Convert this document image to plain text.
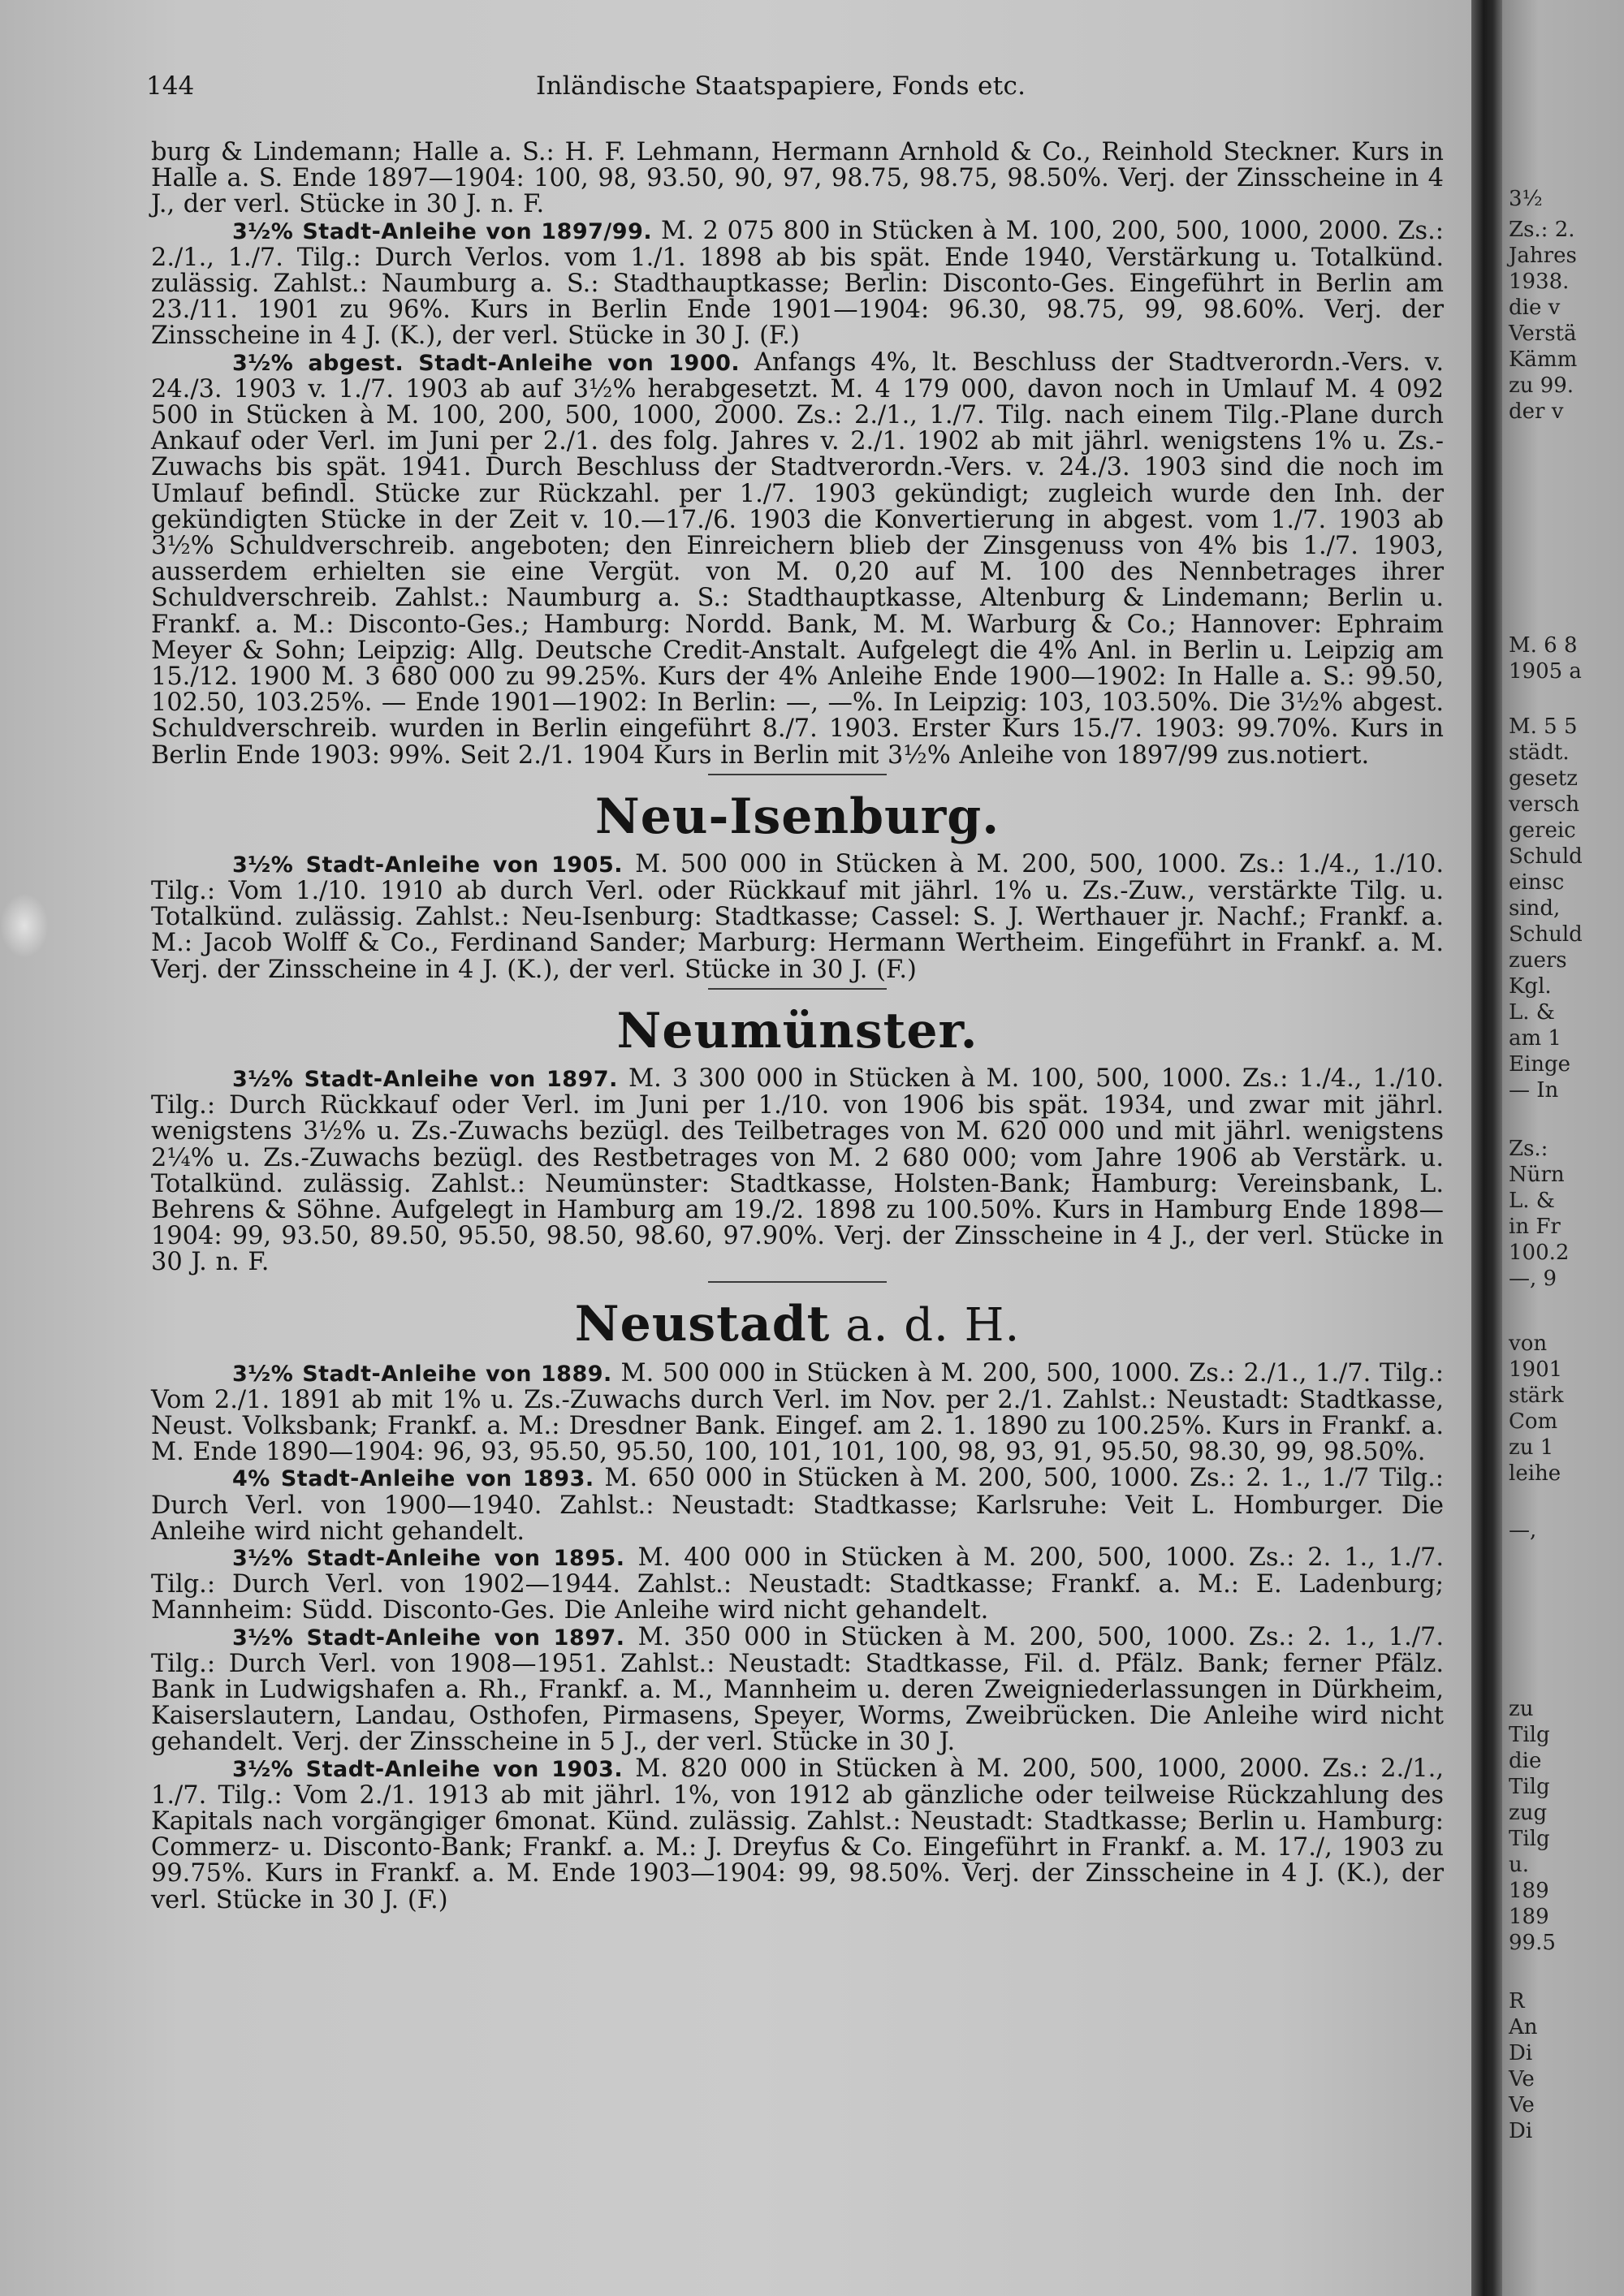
144	Inländische Staatspapiere, Fonds etc.

burg & Lindemann; Halle a. S.: H. F. Lehmann, Hermann Arnhold & Co., Reinhold Steckner. Kurs in Halle a. S. Ende 1897—1904: 100, 98, 93.50, 90, 97, 98.75, 98.75, 98.50%. Verj. der Zinsscheine in 4 J., der verl. Stücke in 30 J. n. F.

3½% Stadt-Anleihe von 1897/99. M. 2 075 800 in Stücken à M. 100, 200, 500, 1000, 2000. Zs.: 2./1., 1./7. Tilg.: Durch Verlos. vom 1./1. 1898 ab bis spät. Ende 1940, Verstärkung u. Totalkünd. zulässig. Zahlst.: Naumburg a. S.: Stadthauptkasse; Berlin: Disconto-Ges. Eingeführt in Berlin am 23./11. 1901 zu 96%. Kurs in Berlin Ende 1901—1904: 96.30, 98.75, 99, 98.60%. Verj. der Zinsscheine in 4 J. (K.), der verl. Stücke in 30 J. (F.)

3½% abgest. Stadt-Anleihe von 1900. Anfangs 4%, lt. Beschluss der Stadtverordn.-Vers. v. 24./3. 1903 v. 1./7. 1903 ab auf 3½% herabgesetzt. M. 4 179 000, davon noch in Umlauf M. 4 092 500 in Stücken à M. 100, 200, 500, 1000, 2000. Zs.: 2./1., 1./7. Tilg. nach einem Tilg.-Plane durch Ankauf oder Verl. im Juni per 2./1. des folg. Jahres v. 2./1. 1902 ab mit jährl. wenigstens 1% u. Zs.-Zuwachs bis spät. 1941. Durch Beschluss der Stadtverordn.-Vers. v. 24./3. 1903 sind die noch im Umlauf befindl. Stücke zur Rückzahl. per 1./7. 1903 gekündigt; zugleich wurde den Inh. der gekündigten Stücke in der Zeit v. 10.—17./6. 1903 die Konvertierung in abgest. vom 1./7. 1903 ab 3½% Schuldverschreib. angeboten; den Einreichern blieb der Zinsgenuss von 4% bis 1./7. 1903, ausserdem erhielten sie eine Vergüt. von M. 0,20 auf M. 100 des Nennbetrages ihrer Schuldverschreib. Zahlst.: Naumburg a. S.: Stadthauptkasse, Altenburg & Lindemann; Berlin u. Frankf. a. M.: Disconto-Ges.; Hamburg: Nordd. Bank, M. M. Warburg & Co.; Hannover: Ephraim Meyer & Sohn; Leipzig: Allg. Deutsche Credit-Anstalt. Aufgelegt die 4% Anl. in Berlin u. Leipzig am 15./12. 1900 M. 3 680 000 zu 99.25%. Kurs der 4% Anleihe Ende 1900—1902: In Halle a. S.: 99.50, 102.50, 103.25%. — Ende 1901—1902: In Berlin: —, —%. In Leipzig: 103, 103.50%. Die 3½% abgest. Schuldverschreib. wurden in Berlin eingeführt 8./7. 1903. Erster Kurs 15./7. 1903: 99.70%. Kurs in Berlin Ende 1903: 99%. Seit 2./1. 1904 Kurs in Berlin mit 3½% Anleihe von 1897/99 zus.notiert.

Neu-Isenburg.

3½% Stadt-Anleihe von 1905. M. 500 000 in Stücken à M. 200, 500, 1000. Zs.: 1./4., 1./10. Tilg.: Vom 1./10. 1910 ab durch Verl. oder Rückkauf mit jährl. 1% u. Zs.-Zuw., verstärkte Tilg. u. Totalkünd. zulässig. Zahlst.: Neu-Isenburg: Stadtkasse; Cassel: S. J. Werthauer jr. Nachf.; Frankf. a. M.: Jacob Wolff & Co., Ferdinand Sander; Marburg: Hermann Wertheim. Eingeführt in Frankf. a. M. Verj. der Zinsscheine in 4 J. (K.), der verl. Stücke in 30 J. (F.)

Neumünster.

3½% Stadt-Anleihe von 1897. M. 3 300 000 in Stücken à M. 100, 500, 1000. Zs.: 1./4., 1./10. Tilg.: Durch Rückkauf oder Verl. im Juni per 1./10. von 1906 bis spät. 1934, und zwar mit jährl. wenigstens 3½% u. Zs.-Zuwachs bezügl. des Teilbetrages von M. 620 000 und mit jährl. wenigstens 2¼% u. Zs.-Zuwachs bezügl. des Restbetrages von M. 2 680 000; vom Jahre 1906 ab Verstärk. u. Totalkünd. zulässig. Zahlst.: Neumünster: Stadtkasse, Holsten-Bank; Hamburg: Vereinsbank, L. Behrens & Söhne. Aufgelegt in Hamburg am 19./2. 1898 zu 100.50%. Kurs in Hamburg Ende 1898—1904: 99, 93.50, 89.50, 95.50, 98.50, 98.60, 97.90%. Verj. der Zinsscheine in 4 J., der verl. Stücke in 30 J. n. F.

Neustadt a. d. H.

3½% Stadt-Anleihe von 1889. M. 500 000 in Stücken à M. 200, 500, 1000. Zs.: 2./1., 1./7. Tilg.: Vom 2./1. 1891 ab mit 1% u. Zs.-Zuwachs durch Verl. im Nov. per 2./1. Zahlst.: Neustadt: Stadtkasse, Neust. Volksbank; Frankf. a. M.: Dresdner Bank. Eingef. am 2. 1. 1890 zu 100.25%. Kurs in Frankf. a. M. Ende 1890—1904: 96, 93, 95.50, 95.50, 100, 101, 101, 100, 98, 93, 91, 95.50, 98.30, 99, 98.50%.

4% Stadt-Anleihe von 1893. M. 650 000 in Stücken à M. 200, 500, 1000. Zs.: 2. 1., 1./7 Tilg.: Durch Verl. von 1900—1940. Zahlst.: Neustadt: Stadtkasse; Karlsruhe: Veit L. Homburger. Die Anleihe wird nicht gehandelt.

3½% Stadt-Anleihe von 1895. M. 400 000 in Stücken à M. 200, 500, 1000. Zs.: 2. 1., 1./7. Tilg.: Durch Verl. von 1902—1944. Zahlst.: Neustadt: Stadtkasse; Frankf. a. M.: E. Ladenburg; Mannheim: Südd. Disconto-Ges. Die Anleihe wird nicht gehandelt.

3½% Stadt-Anleihe von 1897. M. 350 000 in Stücken à M. 200, 500, 1000. Zs.: 2. 1., 1./7. Tilg.: Durch Verl. von 1908—1951. Zahlst.: Neustadt: Stadtkasse, Fil. d. Pfälz. Bank; ferner Pfälz. Bank in Ludwigshafen a. Rh., Frankf. a. M., Mannheim u. deren Zweigniederlassungen in Dürkheim, Kaiserslautern, Landau, Osthofen, Pirmasens, Speyer, Worms, Zweibrücken. Die Anleihe wird nicht gehandelt. Verj. der Zinsscheine in 5 J., der verl. Stücke in 30 J.

3½% Stadt-Anleihe von 1903. M. 820 000 in Stücken à M. 200, 500, 1000, 2000. Zs.: 2./1., 1./7. Tilg.: Vom 2./1. 1913 ab mit jährl. 1%, von 1912 ab gänzliche oder teilweise Rückzahlung des Kapitals nach vorgängiger 6monat. Künd. zulässig. Zahlst.: Neustadt: Stadtkasse; Berlin u. Hamburg: Commerz- u. Disconto-Bank; Frankf. a. M.: J. Dreyfus & Co. Eingeführt in Frankf. a. M. 17./, 1903 zu 99.75%. Kurs in Frankf. a. M. Ende 1903—1904: 99, 98.50%. Verj. der Zinsscheine in 4 J. (K.), der verl. Stücke in 30 J. (F.)

3½
Zs.: 2.
Jahres
1938.
die v
Verstä
Kämm
zu 99.
der v
M. 6 8
1905 a
M. 5 5
städt.
gesetz
versch
gereic
Schuld
einsc
sind,
Schuld
zuers
Kgl.
L. &
am 1
Einge
— In
Zs.:
Nürn
L. &
in Fr
100.2
—, 9
von
1901
stärk
Com
zu 1
leihe
—,
zu
Tilg
die
Tilg
zug
Tilg
u.
189
189
99.5
R
An
Di
Ve
Ve
Di
